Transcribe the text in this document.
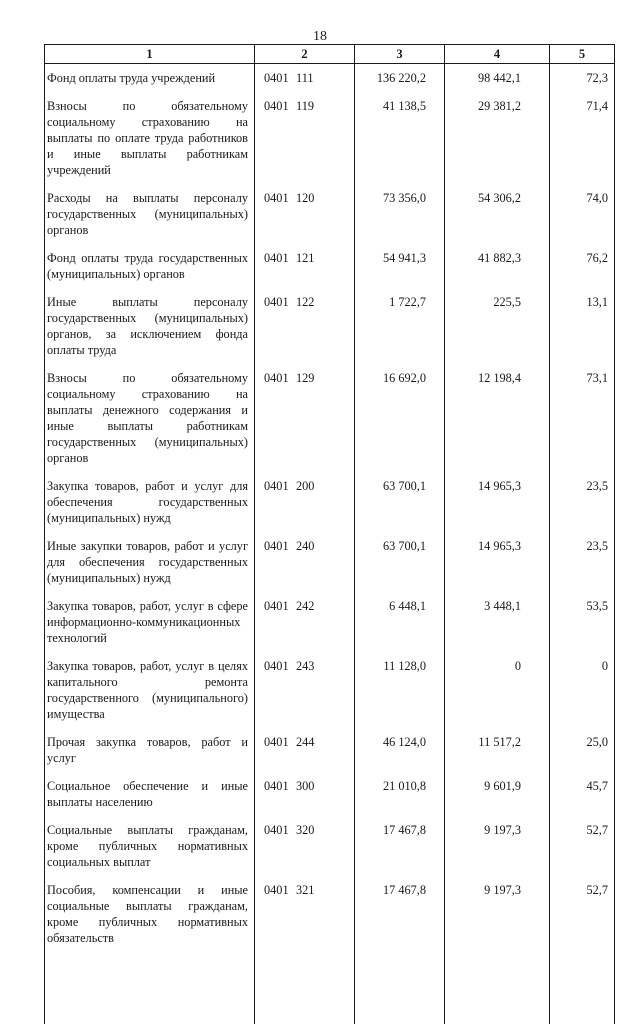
18
1	2	3	4	5
Фонд оплаты труда учреждений	0401 111	136 220,2	98 442,1	72,3
Взносы по обязательному социальному страхованию на выплаты по оплате труда работников и иные выплаты работникам учреждений	0401 119	41 138,5	29 381,2	71,4
Расходы на выплаты персоналу государственных (муниципальных) органов	0401 120	73 356,0	54 306,2	74,0
Фонд оплаты труда государственных (муниципальных) органов	0401 121	54 941,3	41 882,3	76,2
Иные выплаты персоналу государственных (муниципальных) органов, за исключением фонда оплаты труда	0401 122	1 722,7	225,5	13,1
Взносы по обязательному социальному страхованию на выплаты денежного содержания и иные выплаты работникам государственных (муниципальных) органов	0401 129	16 692,0	12 198,4	73,1
Закупка товаров, работ и услуг для обеспечения государственных (муниципальных) нужд	0401 200	63 700,1	14 965,3	23,5
Иные закупки товаров, работ и услуг для обеспечения государственных (муниципальных) нужд	0401 240	63 700,1	14 965,3	23,5
Закупка товаров, работ, услуг в сфере информационно-коммуникационных технологий	0401 242	6 448,1	3 448,1	53,5
Закупка товаров, работ, услуг в целях капитального ремонта государственного (муниципального) имущества	0401 243	11 128,0	0	0
Прочая закупка товаров, работ и услуг	0401 244	46 124,0	11 517,2	25,0
Социальное обеспечение и иные выплаты населению	0401 300	21 010,8	9 601,9	45,7
Социальные выплаты гражданам, кроме публичных нормативных социальных выплат	0401 320	17 467,8	9 197,3	52,7
Пособия, компенсации и иные социальные выплаты гражданам, кроме публичных нормативных обязательств	0401 321	17 467,8	9 197,3	52,7
